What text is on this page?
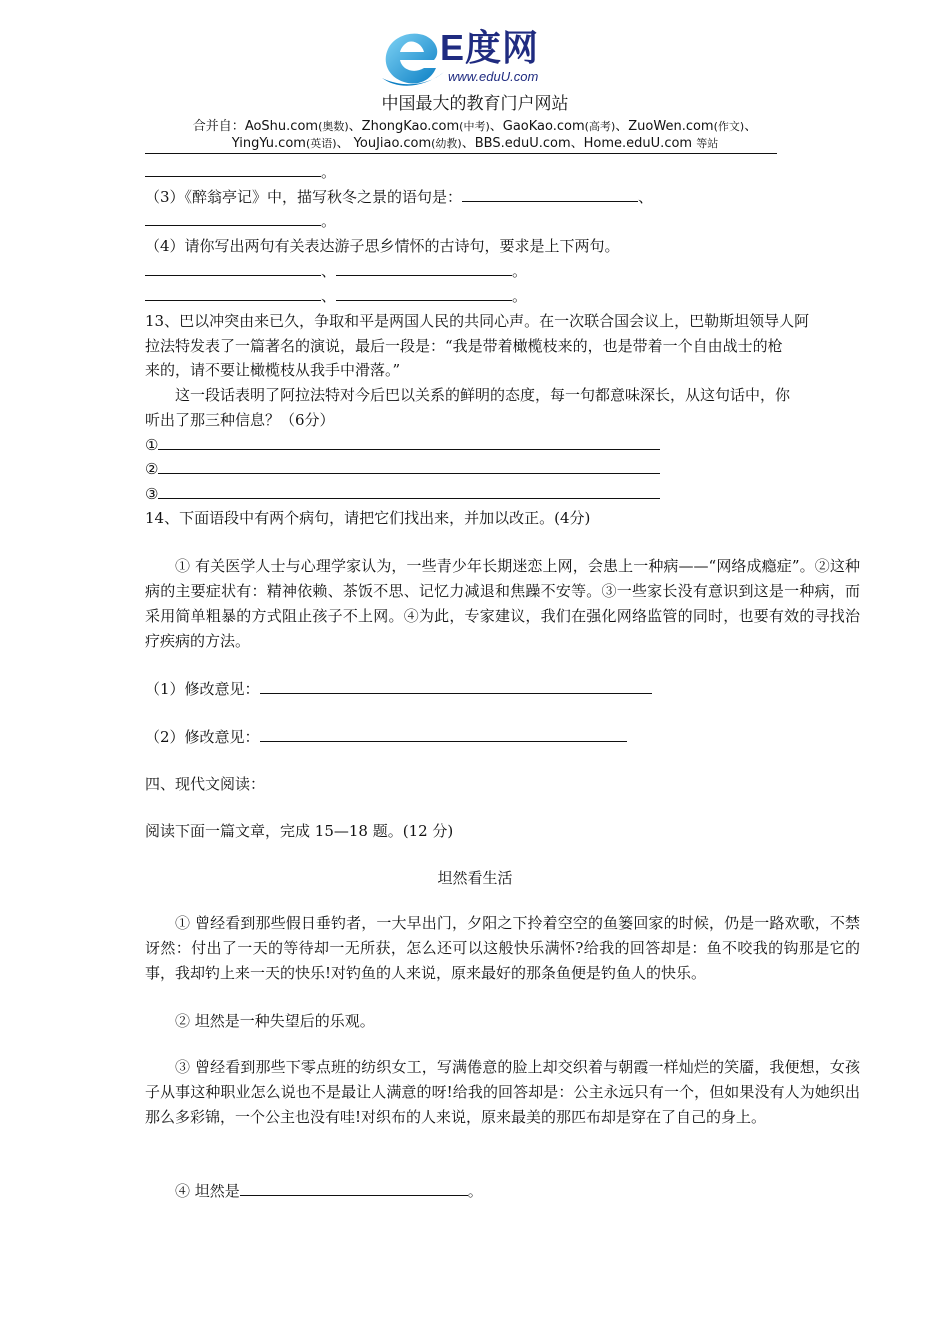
E度网
www.eduU.com
中国最大的教育门户网站
合并自：AoShu.com(奥数)、ZhongKao.com(中考)、GaoKao.com(高考)、ZuoWen.com(作文)、
YingYu.com(英语)、 YouJiao.com(幼教)、BBS.eduU.com、Home.eduU.com 等站
。
（3）《醉翁亭记》中，描写秋冬之景的语句是：	、
。
（4）请你写出两句有关表达游子思乡情怀的古诗句，要求是上下两句。
、	。
、	。
13、巴以冲突由来已久，争取和平是两国人民的共同心声。在一次联合国会议上，巴勒斯坦领导人阿
拉法特发表了一篇著名的演说，最后一段是：“我是带着橄榄枝来的，也是带着一个自由战士的枪
来的，请不要让橄榄枝从我手中滑落。”
这一段话表明了阿拉法特对今后巴以关系的鲜明的态度，每一句都意味深长，从这句话中，你
听出了那三种信息？（6分）
①
②
③
14、下面语段中有两个病句，请把它们找出来，并加以改正。(4分)
① 有关医学人士与心理学家认为，一些青少年长期迷恋上网，会患上一种病——“网络成瘾症”。②这种病的主要症状有：精神依赖、茶饭不思、记忆力减退和焦躁不安等。③一些家长没有意识到这是一种病，而采用简单粗暴的方式阻止孩子不上网。④为此，专家建议，我们在强化网络监管的同时，也要有效的寻找治疗疾病的方法。
（1）修改意见：
（2）修改意见：
四、现代文阅读：
阅读下面一篇文章，完成 15—18 题。(12 分)
坦然看生活
① 曾经看到那些假日垂钓者，一大早出门，夕阳之下拎着空空的鱼篓回家的时候，仍是一路欢歌，不禁讶然：付出了一天的等待却一无所获，怎么还可以这般快乐满怀?给我的回答却是：鱼不咬我的钩那是它的事，我却钓上来一天的快乐!对钓鱼的人来说，原来最好的那条鱼便是钓鱼人的快乐。
② 坦然是一种失望后的乐观。
③ 曾经看到那些下零点班的纺织女工，写满倦意的脸上却交织着与朝霞一样灿烂的笑靥，我便想，女孩子从事这种职业怎么说也不是最让人满意的呀!给我的回答却是：公主永远只有一个，但如果没有人为她织出那么多彩锦，一个公主也没有哇!对织布的人来说，原来最美的那匹布却是穿在了自己的身上。
④ 坦然是	。
